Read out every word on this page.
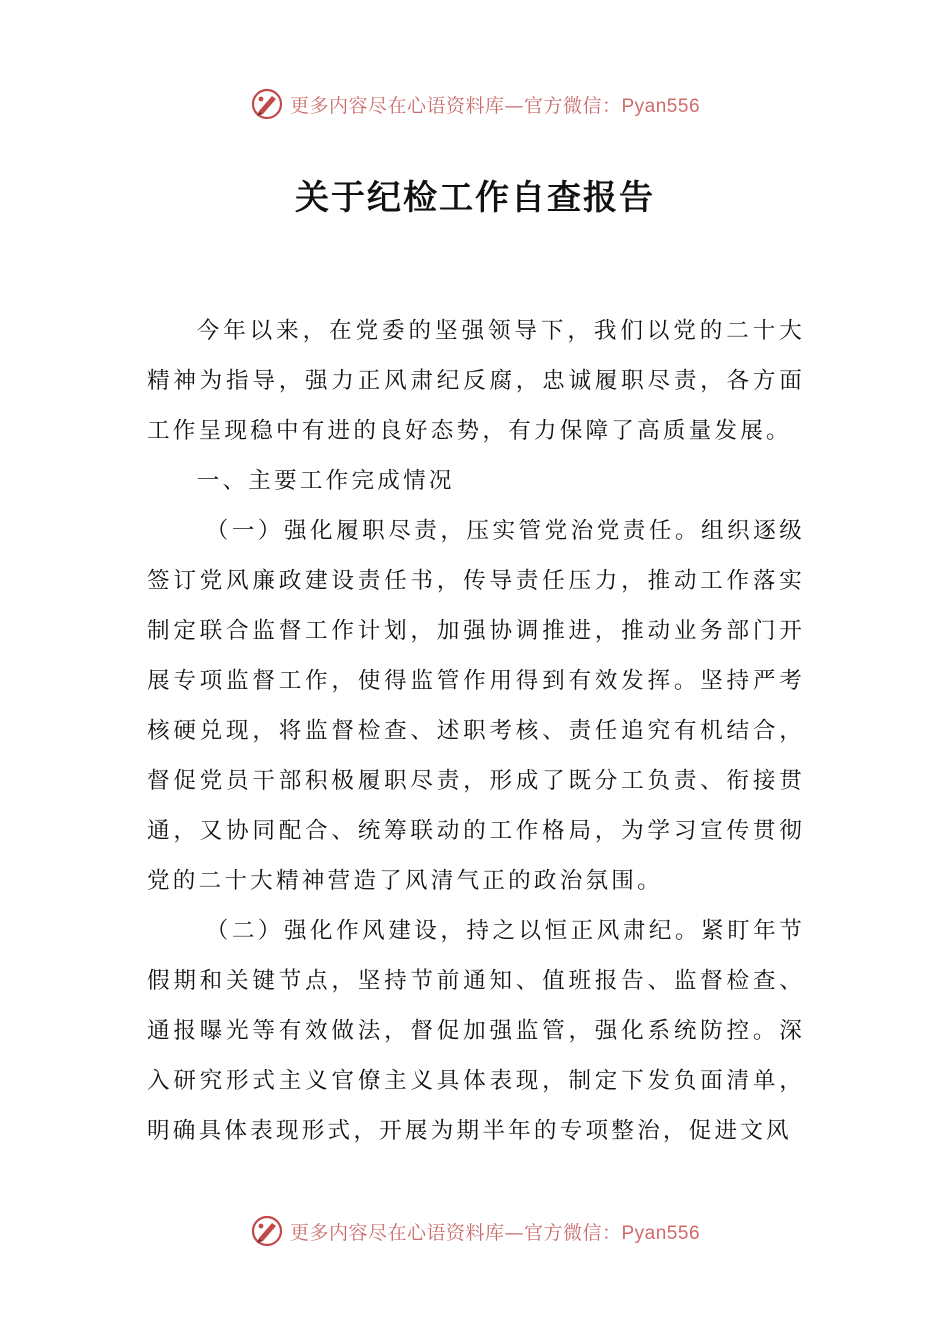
更多内容尽在心语资料库—官方微信：Pyan556
关于纪检工作自查报告

今年以来，在党委的坚强领导下，我们以党的二十大精神为指导，强力正风肃纪反腐，忠诚履职尽责，各方面工作呈现稳中有进的良好态势，有力保障了高质量发展。

一、主要工作完成情况

（一）强化履职尽责，压实管党治党责任。组织逐级签订党风廉政建设责任书，传导责任压力，推动工作落实制定联合监督工作计划，加强协调推进，推动业务部门开展专项监督工作，使得监管作用得到有效发挥。坚持严考核硬兑现，将监督检查、述职考核、责任追究有机结合，督促党员干部积极履职尽责，形成了既分工负责、衔接贯通，又协同配合、统筹联动的工作格局，为学习宣传贯彻党的二十大精神营造了风清气正的政治氛围。

（二）强化作风建设，持之以恒正风肃纪。紧盯年节假期和关键节点，坚持节前通知、值班报告、监督检查、通报曝光等有效做法，督促加强监管，强化系统防控。深入研究形式主义官僚主义具体表现，制定下发负面清单，明确具体表现形式，开展为期半年的专项整治，促进文风

更多内容尽在心语资料库—官方微信：Pyan556
